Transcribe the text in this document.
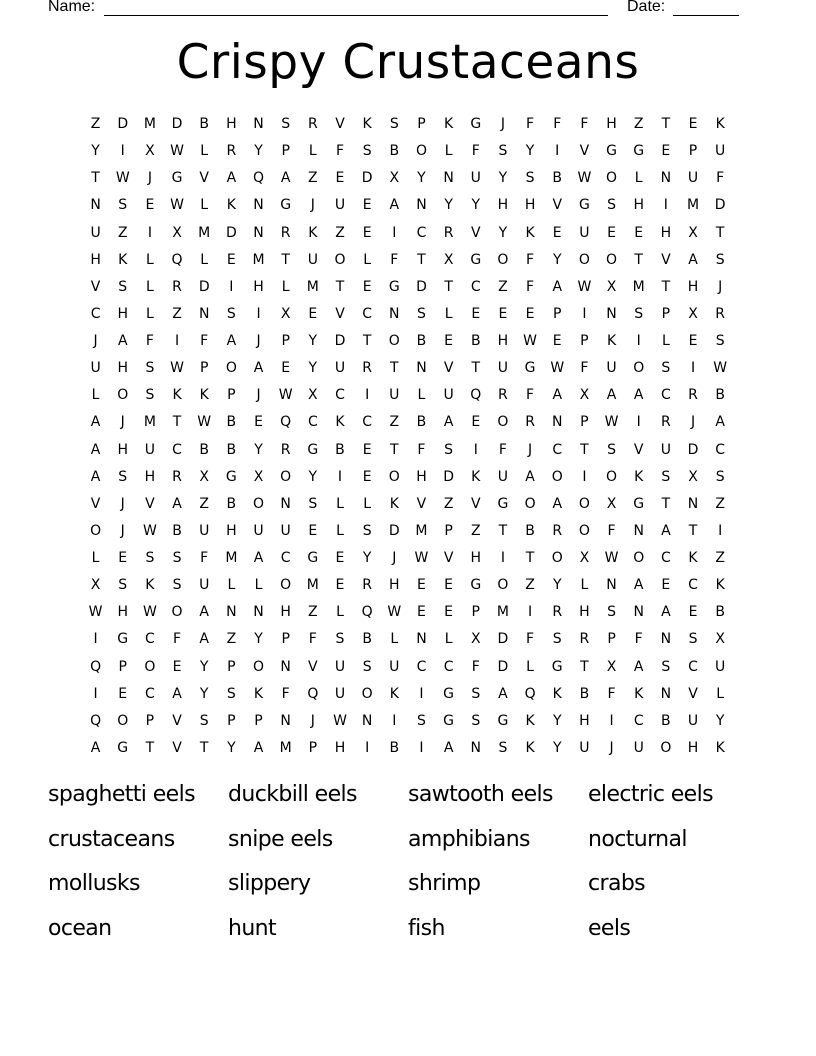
Name:	Date:
Crispy Crustaceans
Z	D	M	D	B	H	N	S	R	V	K	S	P	K	G	J	F	F	F	H	Z	T	E	K
Y	I	X	W	L	R	Y	P	L	F	S	B	O	L	F	S	Y	I	V	G	G	E	P	U
T	W	J	G	V	A	Q	A	Z	E	D	X	Y	N	U	Y	S	B	W	O	L	N	U	F
N	S	E	W	L	K	N	G	J	U	E	A	N	Y	Y	H	H	V	G	S	H	I	M	D
U	Z	I	X	M	D	N	R	K	Z	E	I	C	R	V	Y	K	E	U	E	E	H	X	T
H	K	L	Q	L	E	M	T	U	O	L	F	T	X	G	O	F	Y	O	O	T	V	A	S
V	S	L	R	D	I	H	L	M	T	E	G	D	T	C	Z	F	A	W	X	M	T	H	J
C	H	L	Z	N	S	I	X	E	V	C	N	S	L	E	E	E	P	I	N	S	P	X	R
J	A	F	I	F	A	J	P	Y	D	T	O	B	E	B	H	W	E	P	K	I	L	E	S
U	H	S	W	P	O	A	E	Y	U	R	T	N	V	T	U	G	W	F	U	O	S	I	W
L	O	S	K	K	P	J	W	X	C	I	U	L	U	Q	R	F	A	X	A	A	C	R	B
A	J	M	T	W	B	E	Q	C	K	C	Z	B	A	E	O	R	N	P	W	I	R	J	A
A	H	U	C	B	B	Y	R	G	B	E	T	F	S	I	F	J	C	T	S	V	U	D	C
A	S	H	R	X	G	X	O	Y	I	E	O	H	D	K	U	A	O	I	O	K	S	X	S
V	J	V	A	Z	B	O	N	S	L	L	K	V	Z	V	G	O	A	O	X	G	T	N	Z
O	J	W	B	U	H	U	U	E	L	S	D	M	P	Z	T	B	R	O	F	N	A	T	I
L	E	S	S	F	M	A	C	G	E	Y	J	W	V	H	I	T	O	X	W	O	C	K	Z
X	S	K	S	U	L	L	O	M	E	R	H	E	E	G	O	Z	Y	L	N	A	E	C	K
W	H	W	O	A	N	N	H	Z	L	Q	W	E	E	P	M	I	R	H	S	N	A	E	B
I	G	C	F	A	Z	Y	P	F	S	B	L	N	L	X	D	F	S	R	P	F	N	S	X
Q	P	O	E	Y	P	O	N	V	U	S	U	C	C	F	D	L	G	T	X	A	S	C	U
I	E	C	A	Y	S	K	F	Q	U	O	K	I	G	S	A	Q	K	B	F	K	N	V	L
Q	O	P	V	S	P	P	N	J	W	N	I	S	G	S	G	K	Y	H	I	C	B	U	Y
A	G	T	V	T	Y	A	M	P	H	I	B	I	A	N	S	K	Y	U	J	U	O	H	K
spaghetti eels	duckbill eels	sawtooth eels	electric eels
crustaceans	snipe eels	amphibians	nocturnal
mollusks	slippery	shrimp	crabs
ocean	hunt	fish	eels
